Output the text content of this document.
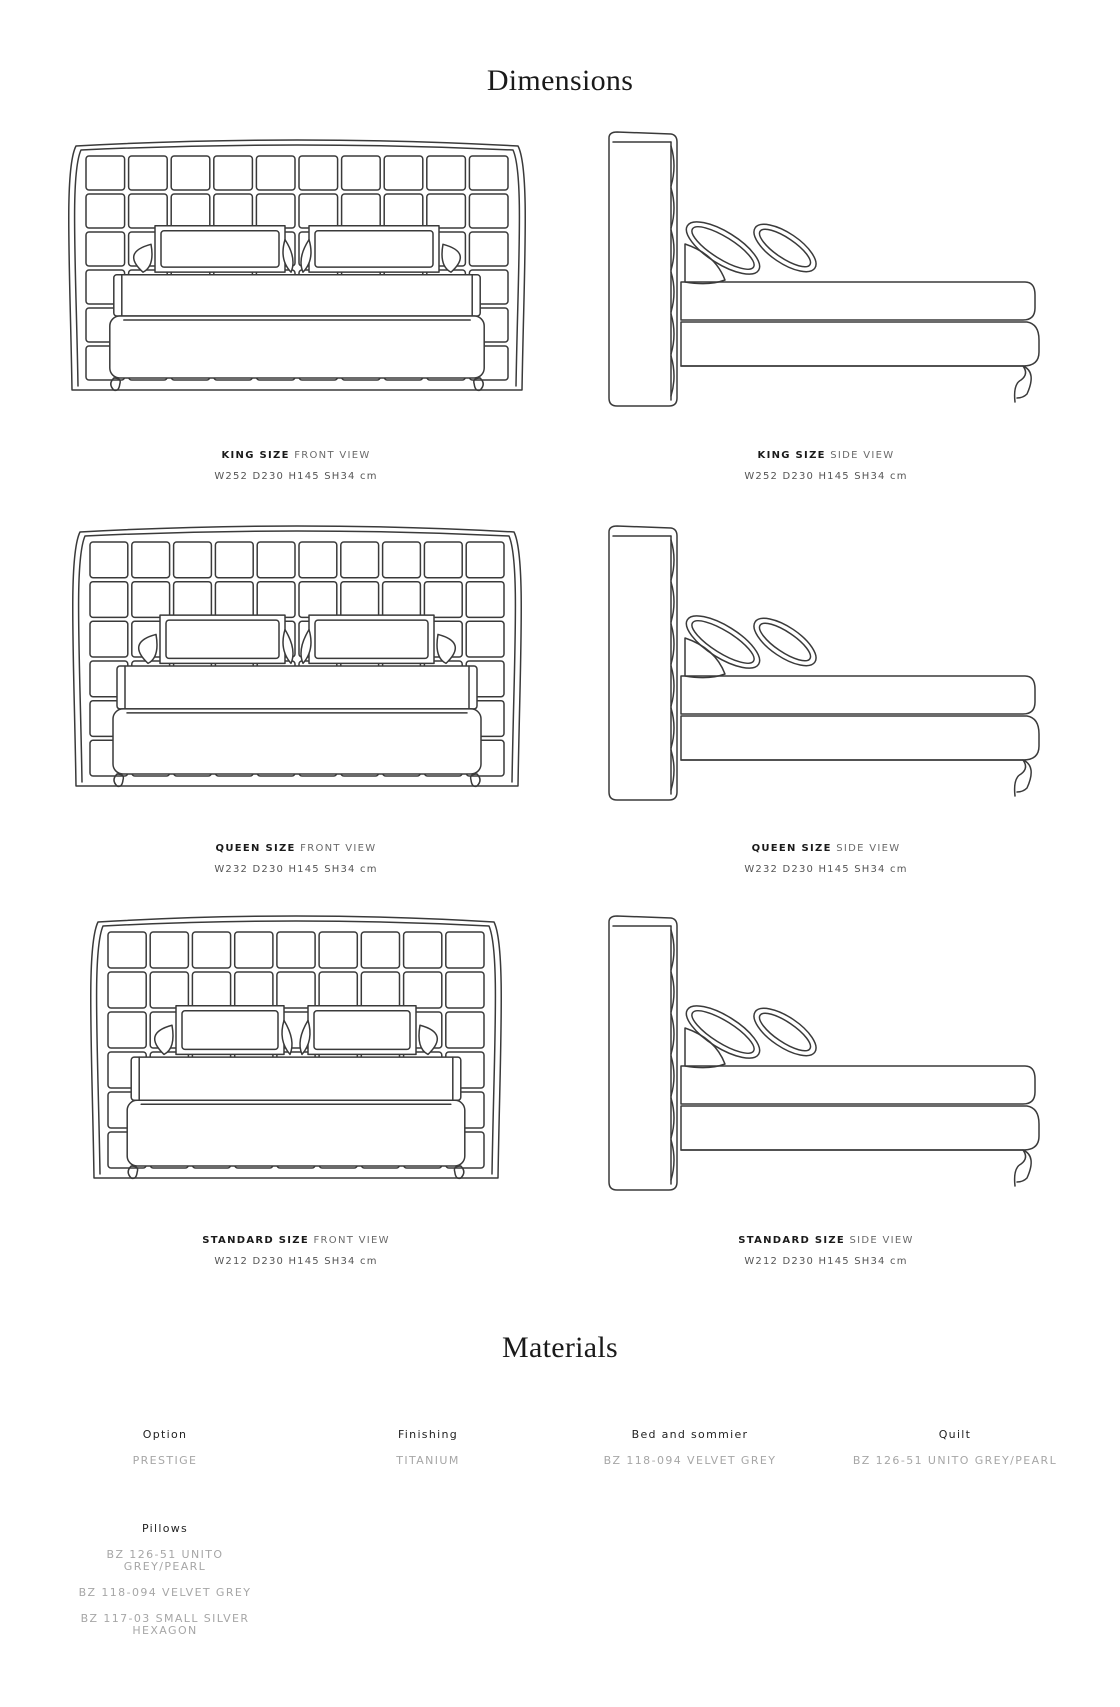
Dimensions
KING SIZE FRONT VIEW
W252 D230 H145 SH34 cm
KING SIZE SIDE VIEW
W252 D230 H145 SH34 cm
QUEEN SIZE FRONT VIEW
W232 D230 H145 SH34 cm
QUEEN SIZE SIDE VIEW
W232 D230 H145 SH34 cm
STANDARD SIZE FRONT VIEW
W212 D230 H145 SH34 cm
STANDARD SIZE SIDE VIEW
W212 D230 H145 SH34 cm
Materials
Option
PRESTIGE
Finishing
TITANIUM
Bed and sommier
BZ 118-094 VELVET GREY
Quilt
BZ 126-51 UNITO GREY/PEARL
Pillows
BZ 126-51 UNITO GREY/PEARL
BZ 118-094 VELVET GREY
BZ 117-03 SMALL SILVER HEXAGON
